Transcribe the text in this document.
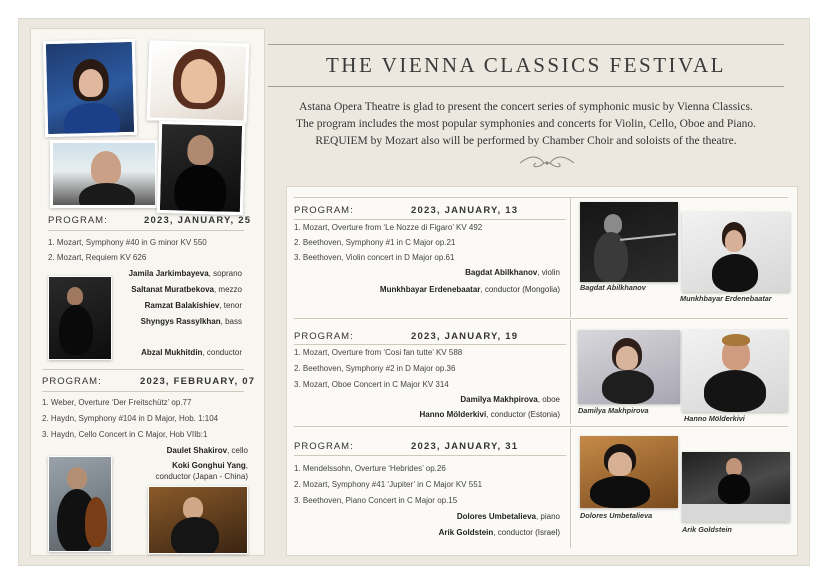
PROGRAM:	2023, JANUARY, 25
1. Mozart, Symphony #40 in G minor KV 550
2. Mozart, Requiem KV 626
Jamila Jarkimbayeva, soprano
Saltanat Muratbekova, mezzo
Ramzat Balakishiev, tenor
Shyngys Rassylkhan, bass
Abzal Mukhitdin, conductor
PROGRAM:	2023, FEBRUARY, 07
1. Weber, Overture ‘Der Freitschütz’ op.77
2. Haydn, Symphony #104 in D Major, Hob. 1:104
3. Haydn, Cello Concert in C Major, Hob VIIb:1
Daulet Shakirov, cello
Koki Gonghui Yang,
conductor (Japan - China)
THE VIENNA CLASSICS FESTIVAL
Astana Opera Theatre is glad to present the concert series of symphonic music by Vienna Classics.
The program includes the most popular symphonies and concerts for Violin, Cello, Oboe and Piano.
REQUIEM by Mozart also will be performed by Chamber Choir and soloists of the theatre.
PROGRAM:	2023, JANUARY, 13
1. Mozart, Overture from ‘Le Nozze di Figaro’ KV 492
2. Beethoven, Symphony #1 in C Major op.21
3. Beethoven, Violin concert in D Major op.61
Bagdat Abilkhanov, violin
Munkhbayar Erdenebaatar, conductor (Mongolia)	Bagdat Abilkhanov
Munkhbayar Erdenebaatar
PROGRAM:	2023, JANUARY, 19
1. Mozart, Overture from ‘Cosi fan tutte’ KV 588
2. Beethoven, Symphony #2 in D Major op.36
3. Mozart, Oboe Concert in C Major KV 314
Damilya Makhpirova, oboe
Hanno Mölderkivi, conductor (Estonia) Damilya Makhpirova
Hanno Mölderkivi
PROGRAM:	2023, JANUARY, 31
1. Mendelssohn, Overture ‘Hebrides’ op.26
2. Mozart, Symphony #41 ‘Jupiter’ in C Major KV 551
3. Beethoven, Piano Concert in C Major op.15
Dolores Umbetalieva, piano
Arik Goldstein, conductor (Israel)
Dolores Umbetalieva
Arik Goldstein
